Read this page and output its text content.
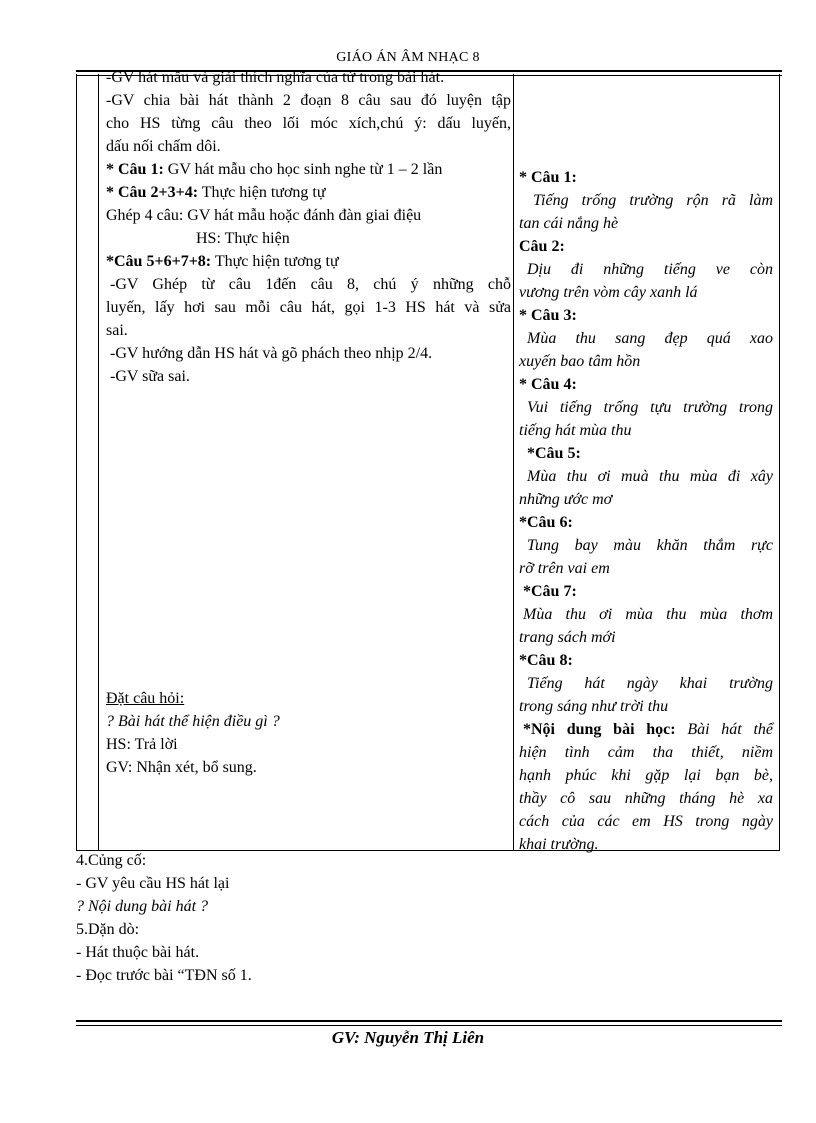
GIÁO ÁN ÂM NHẠC 8
-GV hát mẫu và giải thích nghĩa của từ trong bài hát.
-GV chia bài hát thành 2 đoạn 8 câu sau đó luyện tập
cho HS từng câu theo lối móc xích,chú ý: dấu luyến,
dấu nối chấm dôi.
* Câu 1: GV hát mẫu cho học sinh nghe từ 1 – 2 lần
* Câu 2+3+4: Thực hiện tương tự
Ghép 4 câu: GV hát mẫu hoặc đánh đàn giai điệu
HS: Thực hiện
*Câu 5+6+7+8: Thực hiện tương tự
-GV Ghép từ câu 1đến câu 8, chú ý những chỗ
luyến, lấy hơi sau mỗi câu hát, gọi 1-3 HS hát và sửa
sai.
-GV hướng dẫn HS hát và gõ phách theo nhịp 2/4.
-GV sữa sai.
Đặt câu hỏi:
? Bài hát thể hiện điều gì ?
HS: Trả lời
GV: Nhận xét, bổ sung.
* Câu 1:
Tiếng trống trường rộn rã làm
tan cái nắng hè
Câu 2:
Dịu đi những tiếng ve còn
vương trên vòm cây xanh lá
* Câu 3:
Mùa thu sang đẹp quá xao
xuyến bao tâm hồn
* Câu 4:
Vui tiếng trống tựu trường trong
tiếng hát mùa thu
*Câu 5:
Mùa thu ơi muà thu mùa đi xây
những ước mơ
*Câu 6:
Tung bay màu khăn thắm rực
rỡ trên vai em
*Câu 7:
Mùa thu ơi mùa thu mùa thơm
trang sách mới
*Câu 8:
Tiếng hát ngày khai trường
trong sáng như trời thu
*Nội dung bài học: Bài hát thể
hiện tình cảm tha thiết, niềm
hạnh phúc khi gặp lại bạn bè,
thầy cô sau những tháng hè xa
cách của các em HS trong ngày
khai trường.
4.Củng cố:
- GV yêu cầu HS hát lại
? Nội dung bài hát ?
5.Dặn dò:
- Hát thuộc bài hát.
- Đọc trước bài “TĐN số 1.
GV: Nguyễn Thị Liên
